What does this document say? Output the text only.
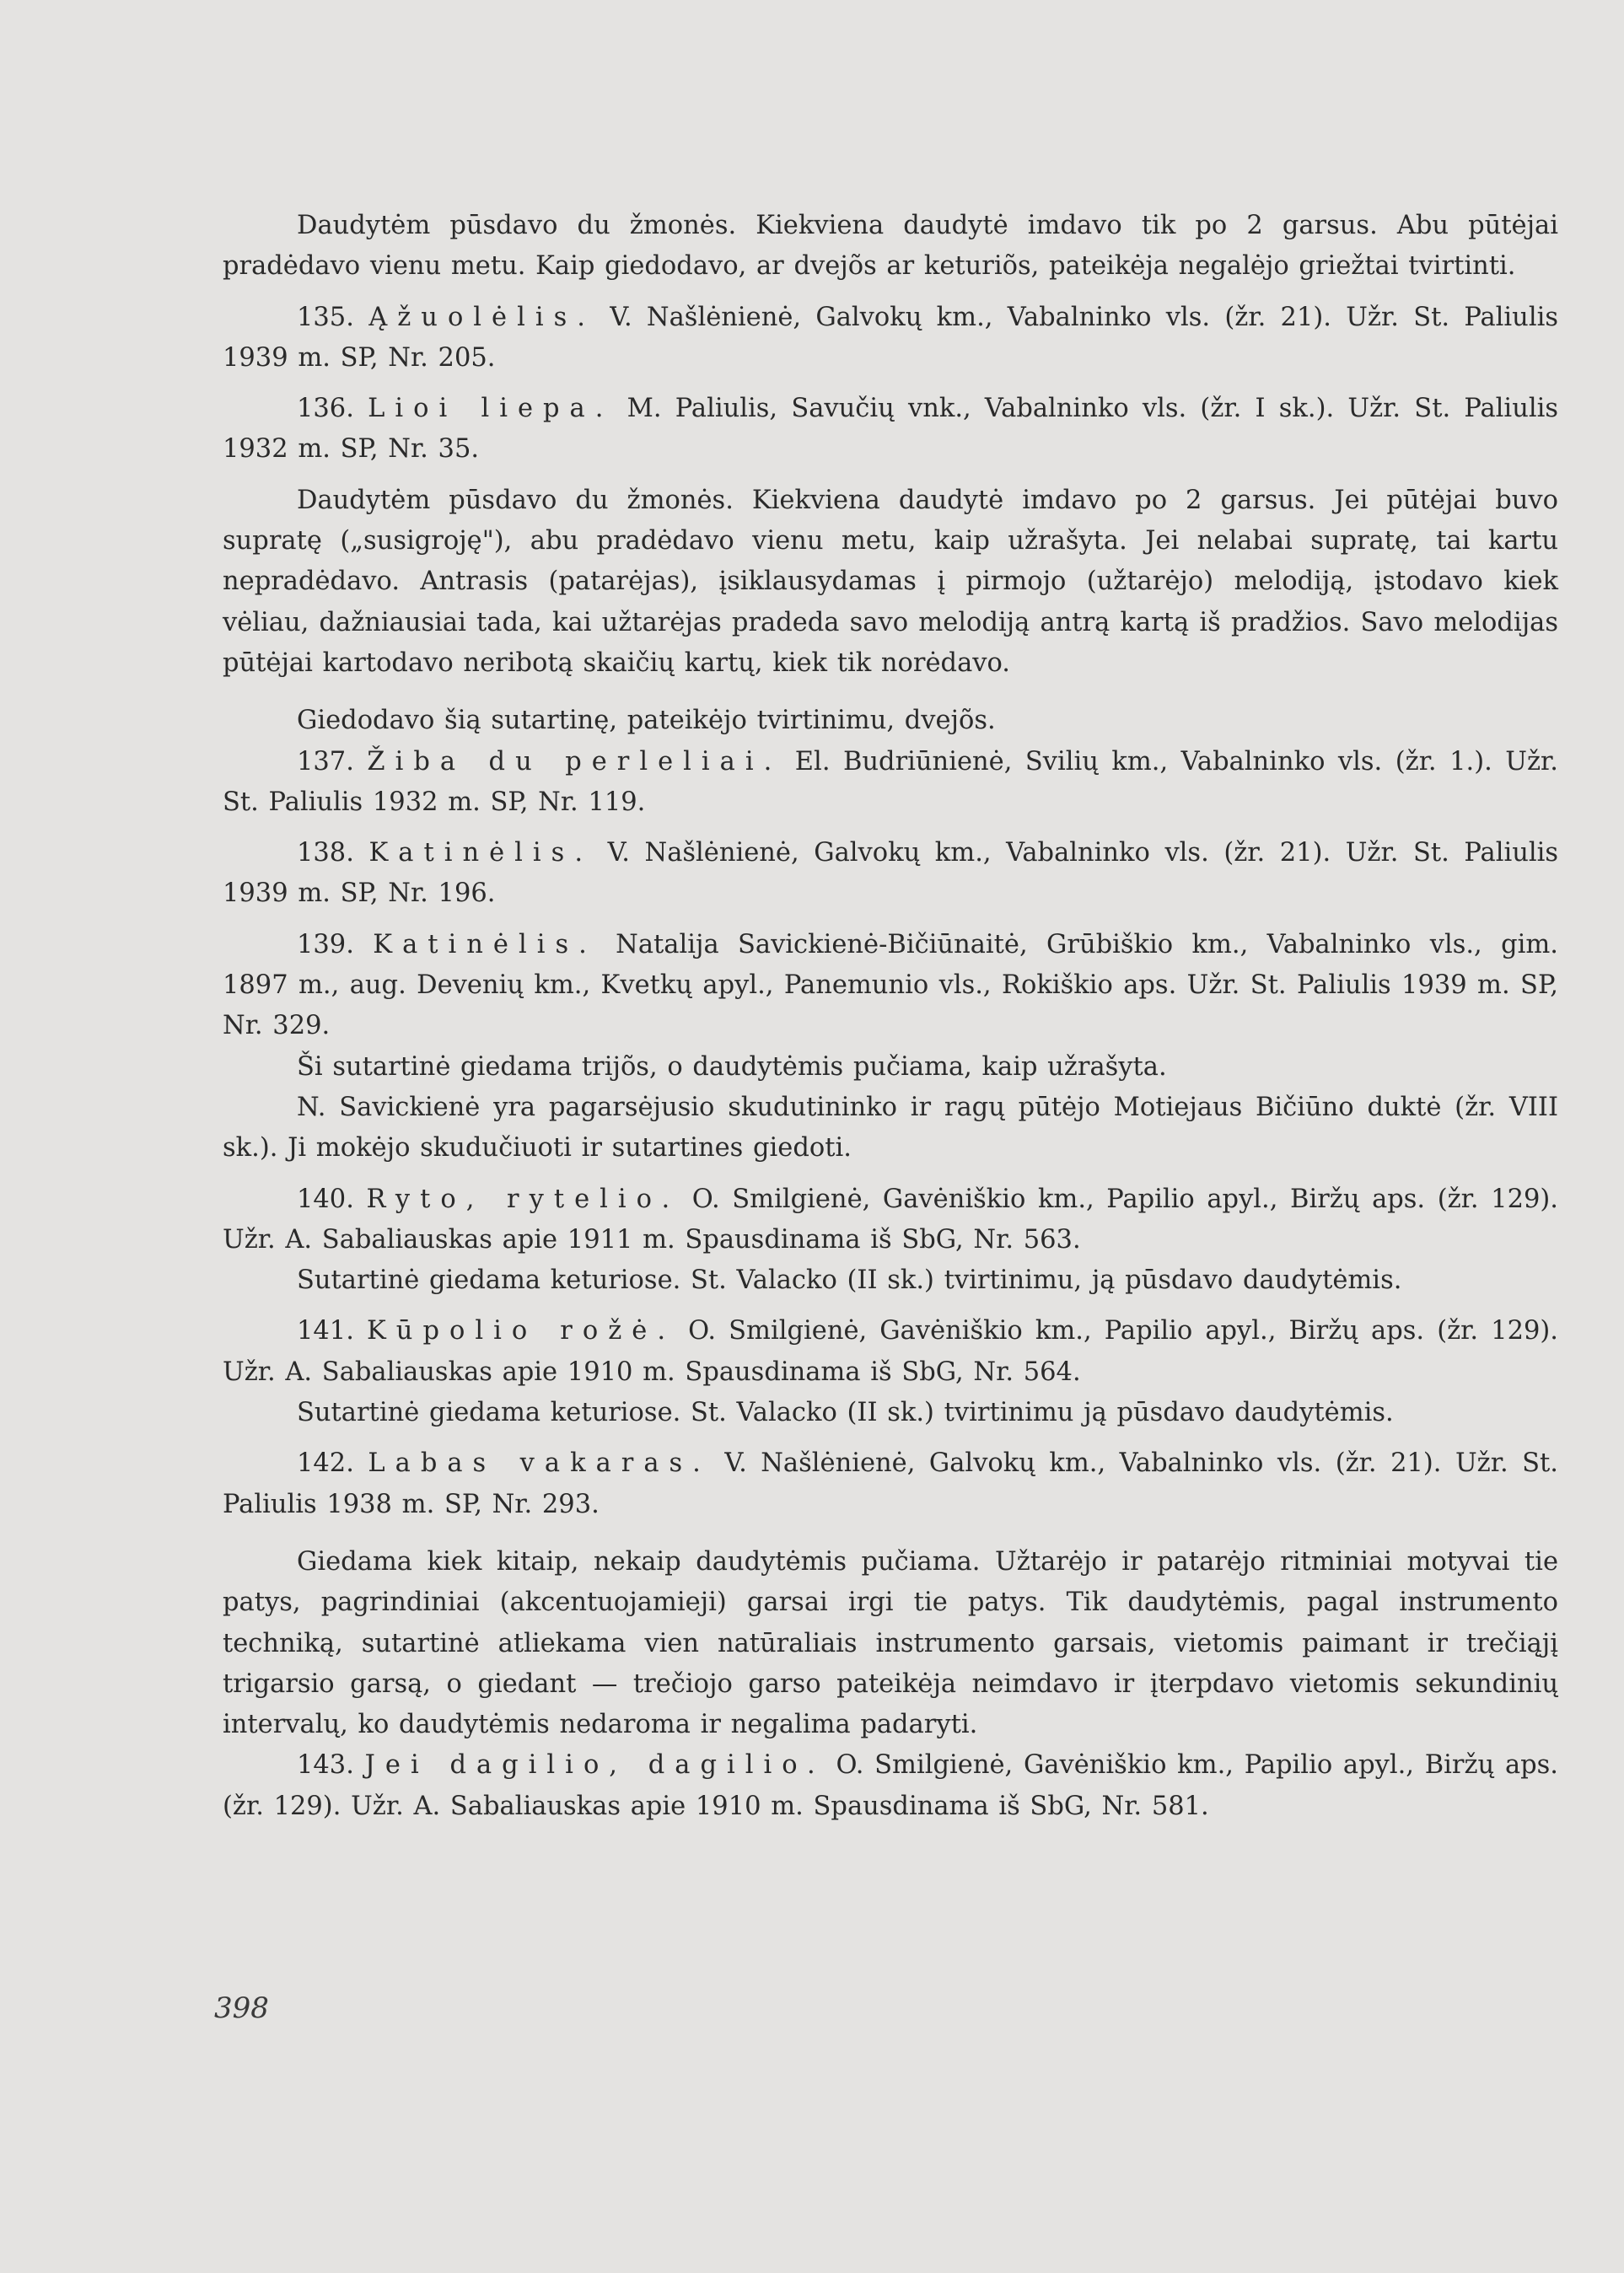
Daudytėm pūsdavo du žmonės. Kiekviena daudytė imdavo tik po 2 garsus. Abu pūtėjai pradėdavo vienu metu. Kaip giedodavo, ar dvejõs ar keturiõs, pateikėja negalėjo griežtai tvirtinti.

135. Ąžuolėlis. V. Našlėnienė, Galvokų km., Vabalninko vls. (žr. 21). Užr. St. Paliulis 1939 m. SP, Nr. 205.

136. Lioi liepa. M. Paliulis, Savučių vnk., Vabalninko vls. (žr. I sk.). Užr. St. Paliulis 1932 m. SP, Nr. 35.

Daudytėm pūsdavo du žmonės. Kiekviena daudytė imdavo po 2 garsus. Jei pūtėjai buvo supratę („susigroję"), abu pradėdavo vienu metu, kaip užrašyta. Jei nelabai supratę, tai kartu nepradėdavo. Antrasis (patarėjas), įsiklausydamas į pirmojo (užtarėjo) melodiją, įstodavo kiek vėliau, dažniausiai tada, kai užtarėjas pradeda savo melodiją antrą kartą iš pradžios. Savo melodijas pūtėjai kartodavo neribotą skaičių kartų, kiek tik norėdavo.

Giedodavo šią sutartinę, pateikėjo tvirtinimu, dvejõs.

137. Žiba du perleliai. El. Budriūnienė, Svilių km., Vabalninko vls. (žr. 1.). Užr. St. Paliulis 1932 m. SP, Nr. 119.

138. Katinėlis. V. Našlėnienė, Galvokų km., Vabalninko vls. (žr. 21). Užr. St. Paliulis 1939 m. SP, Nr. 196.

139. Katinėlis. Natalija Savickienė-Bičiūnaitė, Grūbiškio km., Vabalninko vls., gim. 1897 m., aug. Devenių km., Kvetkų apyl., Panemunio vls., Rokiškio aps. Užr. St. Paliulis 1939 m. SP, Nr. 329.

Ši sutartinė giedama trijõs, o daudytėmis pučiama, kaip užrašyta.

N. Savickienė yra pagarsėjusio skudutininko ir ragų pūtėjo Motiejaus Bičiūno duktė (žr. VIII sk.). Ji mokėjo skudučiuoti ir sutartines giedoti.

140. Ryto, rytelio. O. Smilgienė, Gavėniškio km., Papilio apyl., Biržų aps. (žr. 129). Užr. A. Sabaliauskas apie 1911 m. Spausdinama iš SbG, Nr. 563.

Sutartinė giedama keturiose. St. Valacko (II sk.) tvirtinimu, ją pūsdavo daudytėmis.

141. Kūpolio rožė. O. Smilgienė, Gavėniškio km., Papilio apyl., Biržų aps. (žr. 129). Užr. A. Sabaliauskas apie 1910 m. Spausdinama iš SbG, Nr. 564.

Sutartinė giedama keturiose. St. Valacko (II sk.) tvirtinimu ją pūsdavo daudytėmis.

142. Labas vakaras. V. Našlėnienė, Galvokų km., Vabalninko vls. (žr. 21). Užr. St. Paliulis 1938 m. SP, Nr. 293.

Giedama kiek kitaip, nekaip daudytėmis pučiama. Užtarėjo ir patarėjo ritminiai motyvai tie patys, pagrindiniai (akcentuojamieji) garsai irgi tie patys. Tik daudytėmis, pagal instrumento techniką, sutartinė atliekama vien natūraliais instrumento garsais, vietomis paimant ir trečiąjį trigarsio garsą, o giedant — trečiojo garso pateikėja neimdavo ir įterpdavo vietomis sekundinių intervalų, ko daudytėmis nedaroma ir negalima padaryti.

143. Jei dagilio, dagilio. O. Smilgienė, Gavėniškio km., Papilio apyl., Biržų aps. (žr. 129). Užr. A. Sabaliauskas apie 1910 m. Spausdinama iš SbG, Nr. 581.

398
